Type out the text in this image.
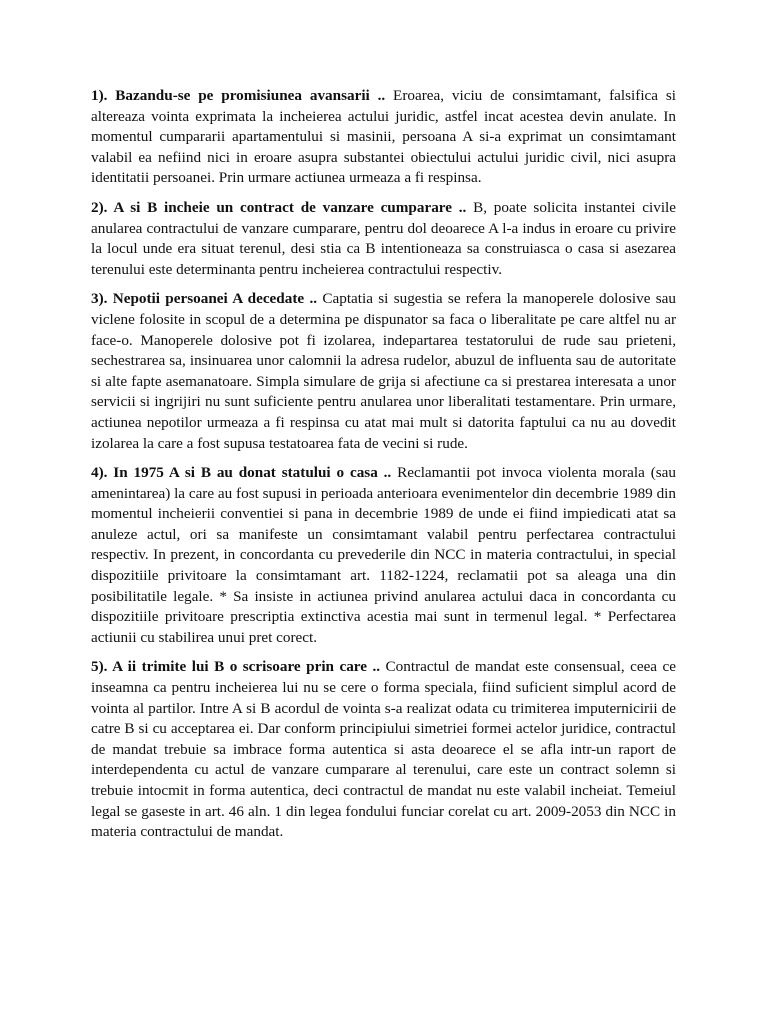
1). Bazandu-se pe promisiunea avansarii .. Eroarea, viciu de consimtamant, falsifica si altereaza vointa exprimata la incheierea actului juridic, astfel incat acestea devin anulate. In momentul cumpararii apartamentului si masinii, persoana A si-a exprimat un consimtamant valabil ea nefiind nici in eroare asupra substantei obiectului actului juridic civil, nici asupra identitatii persoanei. Prin urmare actiunea urmeaza a fi respinsa.

2). A si B incheie un contract de vanzare cumparare .. B, poate solicita instantei civile anularea contractului de vanzare cumparare, pentru dol deoarece A l-a indus in eroare cu privire la locul unde era situat terenul, desi stia ca B intentioneaza sa construiasca o casa si asezarea terenului este determinanta pentru incheierea contractului respectiv.

3). Nepotii persoanei A decedate .. Captatia si sugestia se refera la manoperele dolosive sau viclene folosite in scopul de a determina pe dispunator sa faca o liberalitate pe care altfel nu ar face-o. Manoperele dolosive pot fi izolarea, indepartarea testatorului de rude sau prieteni, sechestrarea sa, insinuarea unor calomnii la adresa rudelor, abuzul de influenta sau de autoritate si alte fapte asemanatoare. Simpla simulare de grija si afectiune ca si prestarea interesata a unor servicii si ingrijiri nu sunt suficiente pentru anularea unor liberalitati testamentare. Prin urmare, actiunea nepotilor urmeaza a fi respinsa cu atat mai mult si datorita faptului ca nu au dovedit izolarea la care a fost supusa testatoarea fata de vecini si rude.

4). In 1975 A si B au donat statului o casa .. Reclamantii pot invoca violenta morala (sau amenintarea) la care au fost supusi in perioada anterioara evenimentelor din decembrie 1989 din momentul incheierii conventiei si pana in decembrie 1989 de unde ei fiind impiedicati atat sa anuleze actul, ori sa manifeste un consimtamant valabil pentru perfectarea contractului respectiv. In prezent, in concordanta cu prevederile din NCC in materia contractului, in special dispozitiile privitoare la consimtamant art. 1182-1224, reclamatii pot sa aleaga una din posibilitatile legale. * Sa insiste in actiunea privind anularea actului daca in concordanta cu dispozitiile privitoare prescriptia extinctiva acestia mai sunt in termenul legal. * Perfectarea actiunii cu stabilirea unui pret corect.

5). A ii trimite lui B o scrisoare prin care .. Contractul de mandat este consensual, ceea ce inseamna ca pentru incheierea lui nu se cere o forma speciala, fiind suficient simplul acord de vointa al partilor. Intre A si B acordul de vointa s-a realizat odata cu trimiterea imputernicirii de catre B si cu acceptarea ei. Dar conform principiului simetriei formei actelor juridice, contractul de mandat trebuie sa imbrace forma autentica si asta deoarece el se afla intr-un raport de interdependenta cu actul de vanzare cumparare al terenului, care este un contract solemn si trebuie intocmit in forma autentica, deci contractul de mandat nu este valabil incheiat. Temeiul legal se gaseste in art. 46 aln. 1 din legea fondului funciar corelat cu art. 2009-2053 din NCC in materia contractului de mandat.
